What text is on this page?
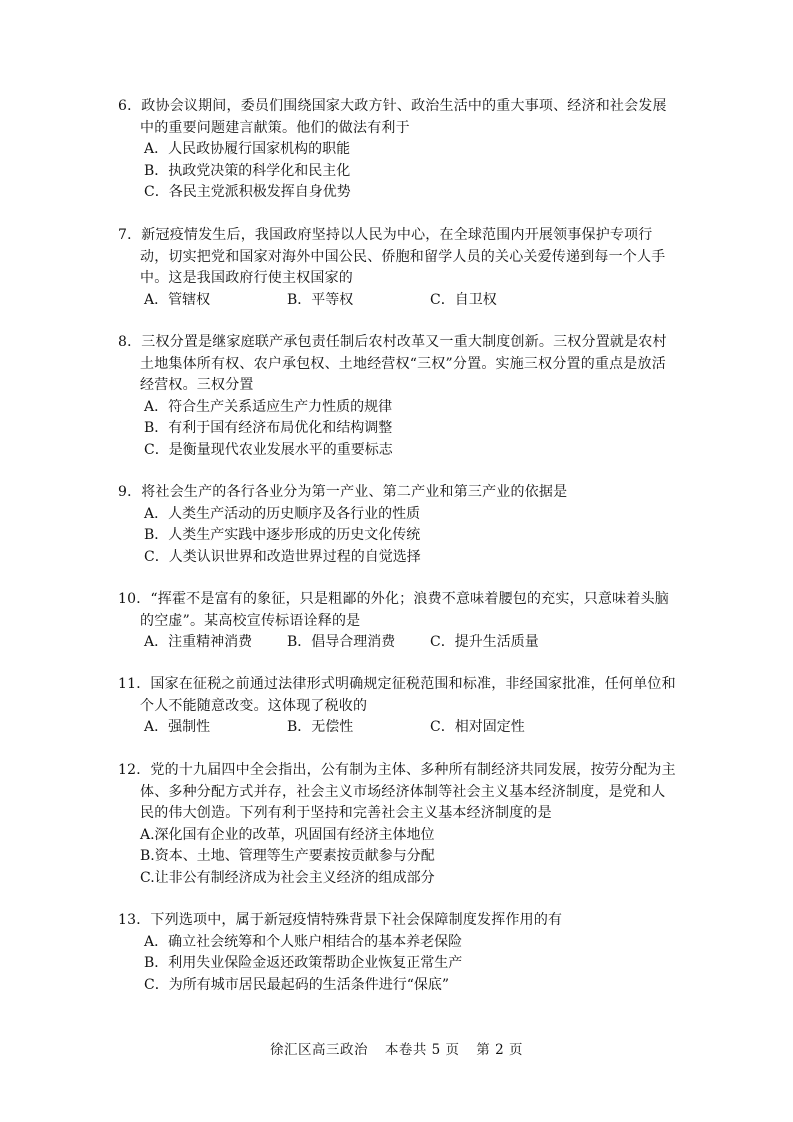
6．政协会议期间，委员们围绕国家大政方针、政治生活中的重大事项、经济和社会发展中的重要问题建言献策。他们的做法有利于
A．人民政协履行国家机构的职能
B．执政党决策的科学化和民主化
C．各民主党派积极发挥自身优势
7．新冠疫情发生后，我国政府坚持以人民为中心，在全球范围内开展领事保护专项行动，切实把党和国家对海外中国公民、侨胞和留学人员的关心关爱传递到每一个人手中。这是我国政府行使主权国家的
A．管辖权	B．平等权	C．自卫权
8．三权分置是继家庭联产承包责任制后农村改革又一重大制度创新。三权分置就是农村土地集体所有权、农户承包权、土地经营权“三权”分置。实施三权分置的重点是放活经营权。三权分置
A．符合生产关系适应生产力性质的规律
B．有利于国有经济布局优化和结构调整
C．是衡量现代农业发展水平的重要标志
9．将社会生产的各行各业分为第一产业、第二产业和第三产业的依据是
A．人类生产活动的历史顺序及各行业的性质
B．人类生产实践中逐步形成的历史文化传统
C．人类认识世界和改造世界过程的自觉选择
10．“挥霍不是富有的象征，只是粗鄙的外化；浪费不意味着腰包的充实，只意味着头脑的空虚”。某高校宣传标语诠释的是
A．注重精神消费	B．倡导合理消费	C．提升生活质量
11．国家在征税之前通过法律形式明确规定征税范围和标准，非经国家批准，任何单位和个人不能随意改变。这体现了税收的
A．强制性	B．无偿性	C．相对固定性
12．党的十九届四中全会指出，公有制为主体、多种所有制经济共同发展，按劳分配为主体、多种分配方式并存，社会主义市场经济体制等社会主义基本经济制度，是党和人民的伟大创造。下列有利于坚持和完善社会主义基本经济制度的是
A.深化国有企业的改革，巩固国有经济主体地位
B.资本、土地、管理等生产要素按贡献参与分配
C.让非公有制经济成为社会主义经济的组成部分
13．下列选项中，属于新冠疫情特殊背景下社会保障制度发挥作用的有
A．确立社会统筹和个人账户相结合的基本养老保险
B．利用失业保险金返还政策帮助企业恢复正常生产
C．为所有城市居民最起码的生活条件进行“保底”
徐汇区高三政治 本卷共 5 页 第 2 页
